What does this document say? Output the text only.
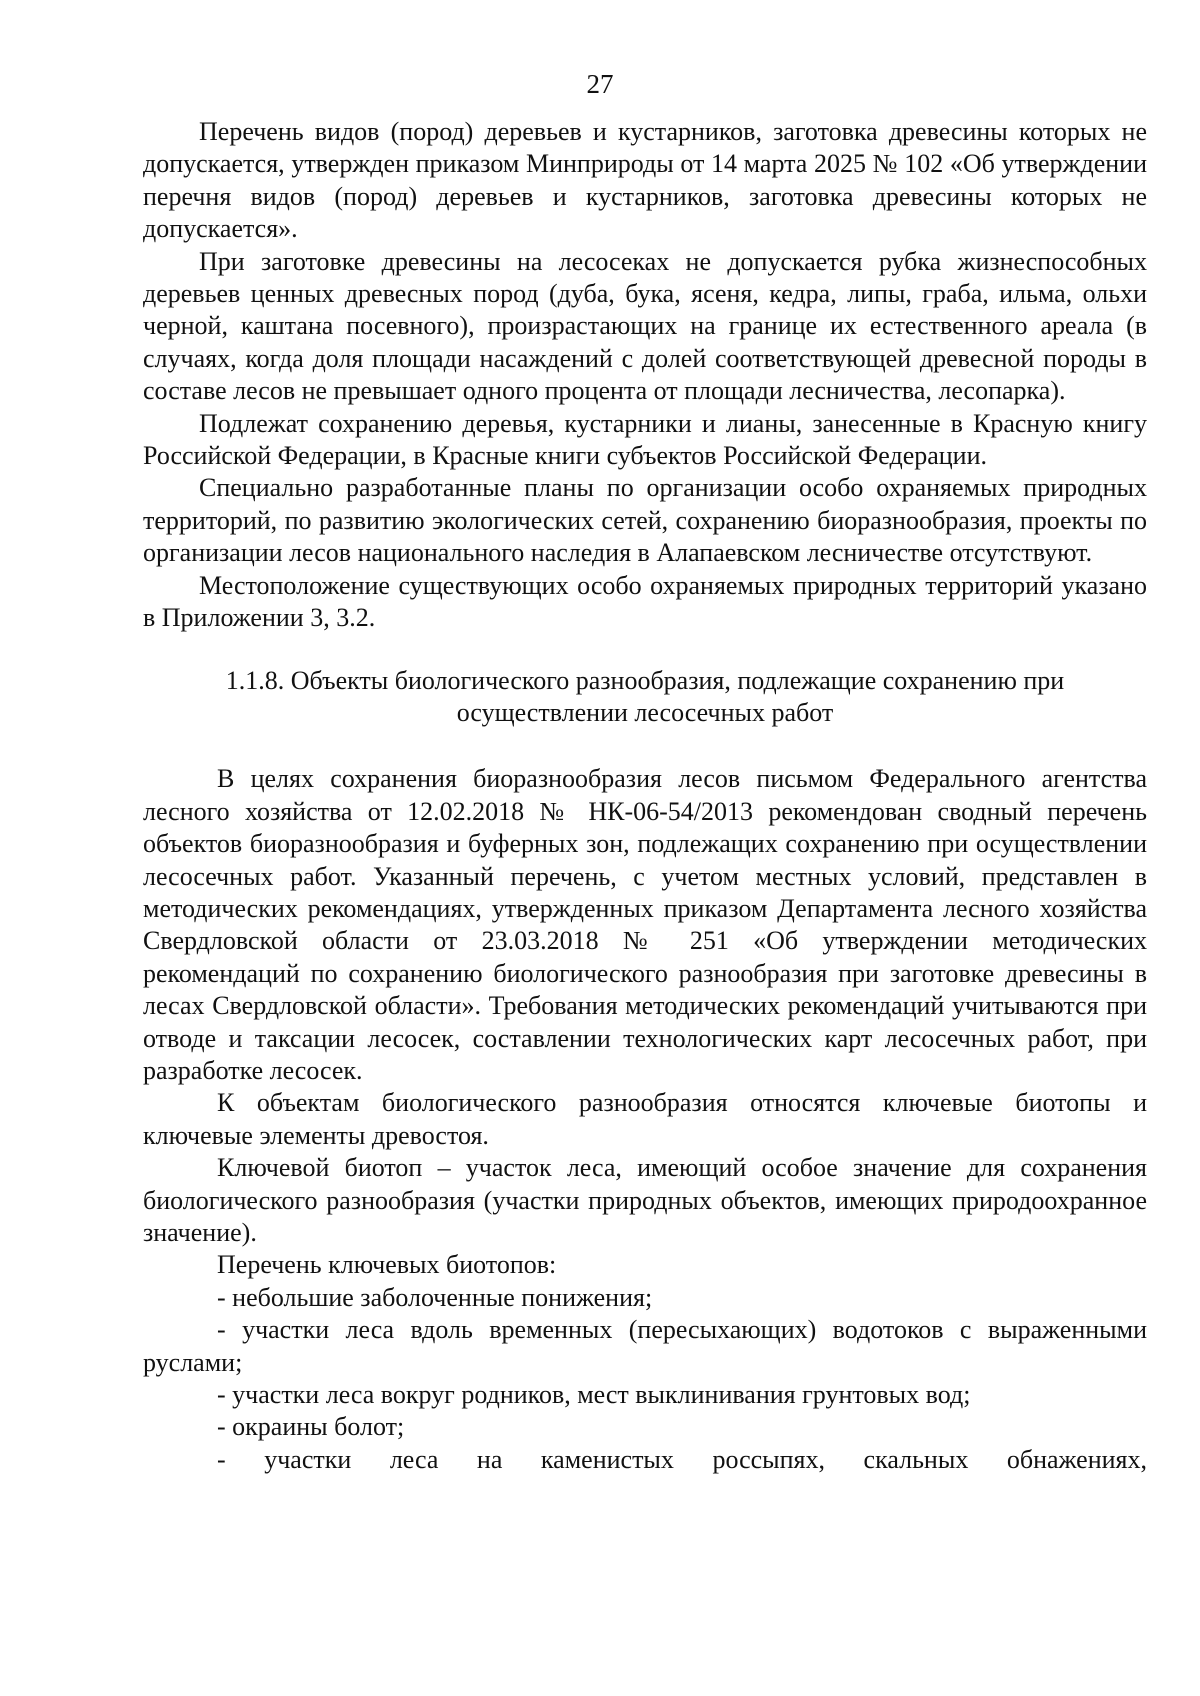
27

Перечень видов (пород) деревьев и кустарников, заготовка древесины которых не допускается, утвержден приказом Минприроды от 14 марта 2025 № 102 «Об утверждении перечня видов (пород) деревьев и кустарников, заготовка древесины которых не допускается».

При заготовке древесины на лесосеках не допускается рубка жизнеспособных деревьев ценных древесных пород (дуба, бука, ясеня, кедра, липы, граба, ильма, ольхи черной, каштана посевного), произрастающих на границе их естественного ареала (в случаях, когда доля площади насаждений с долей соответствующей древесной породы в составе лесов не превышает одного процента от площади лесничества, лесопарка).

Подлежат сохранению деревья, кустарники и лианы, занесенные в Красную книгу Российской Федерации, в Красные книги субъектов Российской Федерации.

Специально разработанные планы по организации особо охраняемых природных территорий, по развитию экологических сетей, сохранению биоразнообразия, проекты по организации лесов национального наследия в Алапаевском лесничестве отсутствуют.

Местоположение существующих особо охраняемых природных территорий указано в Приложении 3, 3.2.

1.1.8. Объекты биологического разнообразия, подлежащие сохранению при осуществлении лесосечных работ

В целях сохранения биоразнообразия лесов письмом Федерального агентства лесного хозяйства от 12.02.2018 № НК-06-54/2013 рекомендован сводный перечень объектов биоразнообразия и буферных зон, подлежащих сохранению при осуществлении лесосечных работ. Указанный перечень, с учетом местных условий, представлен в методических рекомендациях, утвержденных приказом Департамента лесного хозяйства Свердловской области от 23.03.2018 № 251 «Об утверждении методических рекомендаций по сохранению биологического разнообразия при заготовке древесины в лесах Свердловской области». Требования методических рекомендаций учитываются при отводе и таксации лесосек, составлении технологических карт лесосечных работ, при разработке лесосек.

К объектам биологического разнообразия относятся ключевые биотопы и ключевые элементы древостоя.

Ключевой биотоп – участок леса, имеющий особое значение для сохранения биологического разнообразия (участки природных объектов, имеющих природоохранное значение).

Перечень ключевых биотопов:

- небольшие заболоченные понижения;

- участки леса вдоль временных (пересыхающих) водотоков с выраженными руслами;

- участки леса вокруг родников, мест выклинивания грунтовых вод;

- окраины болот;

- участки леса на каменистых россыпях, скальных обнажениях,
